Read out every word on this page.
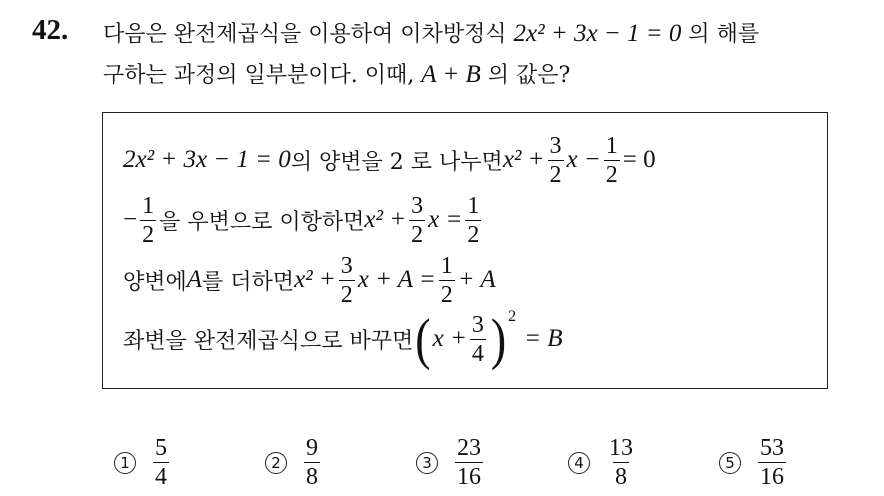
42. 다음은 완전제곱식을 이용하여 이차방정식 2x² + 3x − 1 = 0 의 해를
구하는 과정의 일부분이다. 이때, A + B 의 값은?
2x² + 3x − 1 = 0 의 양변을 2 로 나누면 $x^2 + \frac{3}{2}$ $x - \frac{1}{2} = 0$
− $\frac{1}{2}$ 을 우변으로 이항하면 $x^2 + \frac{3}{2}$ $x = \frac{1}{2}$
양변에 A 를 더하면 $x^2 + \frac{3}{2}$ $x + A = \frac{1}{2} + A$
좌변을 완전제곱식으로 바꾸면 ( $x + \frac{3}{4}$ ) 2
= B
$1 \frac{5}{4}$	$2 \frac{9}{8}$	$3 \frac{23}{16}$	$4 \frac{13}{8}$	$5 \frac{53}{16}$
